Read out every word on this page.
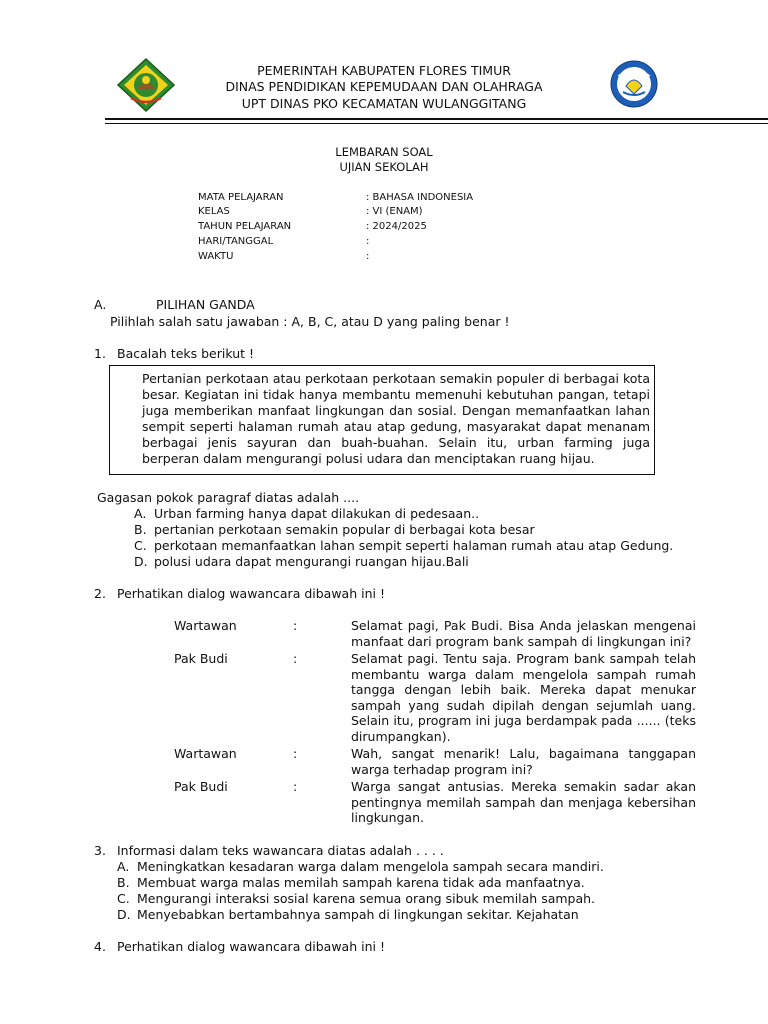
PEMERINTAH KABUPATEN FLORES TIMUR
DINAS PENDIDIKAN KEPEMUDAAN DAN OLAHRAGA
UPT DINAS PKO KECAMATAN WULANGGITANG
LEMBARAN SOAL
UJIAN SEKOLAH
MATA PELAJARAN	: BAHASA INDONESIA
KELAS	: VI (ENAM)
TAHUN PELAJARAN	: 2024/2025
HARI/TANGGAL	:
WAKTU	:
A.	PILIHAN GANDA
Pilihlah salah satu jawaban : A, B, C, atau D yang paling benar !
1. Bacalah teks berikut !

Pertanian perkotaan atau perkotaan perkotaan semakin populer di berbagai kota besar. Kegiatan ini tidak hanya membantu memenuhi kebutuhan pangan, tetapi juga memberikan manfaat lingkungan dan sosial. Dengan memanfaatkan lahan sempit seperti halaman rumah atau atap gedung, masyarakat dapat menanam berbagai jenis sayuran dan buah-buahan. Selain itu, urban farming juga berperan dalam mengurangi polusi udara dan menciptakan ruang hijau.

Gagasan pokok paragraf diatas adalah ....
A. Urban farming hanya dapat dilakukan di pedesaan..
B. pertanian perkotaan semakin popular di berbagai kota besar
C. perkotaan memanfaatkan lahan sempit seperti halaman rumah atau atap Gedung.
D. polusi udara dapat mengurangi ruangan hijau.Bali
2. Perhatikan dialog wawancara dibawah ini !
Wartawan	:	Selamat pagi, Pak Budi. Bisa Anda jelaskan mengenai manfaat dari program bank sampah di lingkungan ini?
Pak Budi	:	Selamat pagi. Tentu saja. Program bank sampah telah membantu warga dalam mengelola sampah rumah tangga dengan lebih baik. Mereka dapat menukar sampah yang sudah dipilah dengan sejumlah uang. Selain itu, program ini juga berdampak pada ...... (teks dirumpangkan).
Wartawan	:	Wah, sangat menarik! Lalu, bagaimana tanggapan warga terhadap program ini?
Pak Budi	:	Warga sangat antusias. Mereka semakin sadar akan pentingnya memilah sampah dan menjaga kebersihan lingkungan.
3. Informasi dalam teks wawancara diatas adalah . . . .
A. Meningkatkan kesadaran warga dalam mengelola sampah secara mandiri.
B. Membuat warga malas memilah sampah karena tidak ada manfaatnya.
C. Mengurangi interaksi sosial karena semua orang sibuk memilah sampah.
D. Menyebabkan bertambahnya sampah di lingkungan sekitar. Kejahatan
4. Perhatikan dialog wawancara dibawah ini !
